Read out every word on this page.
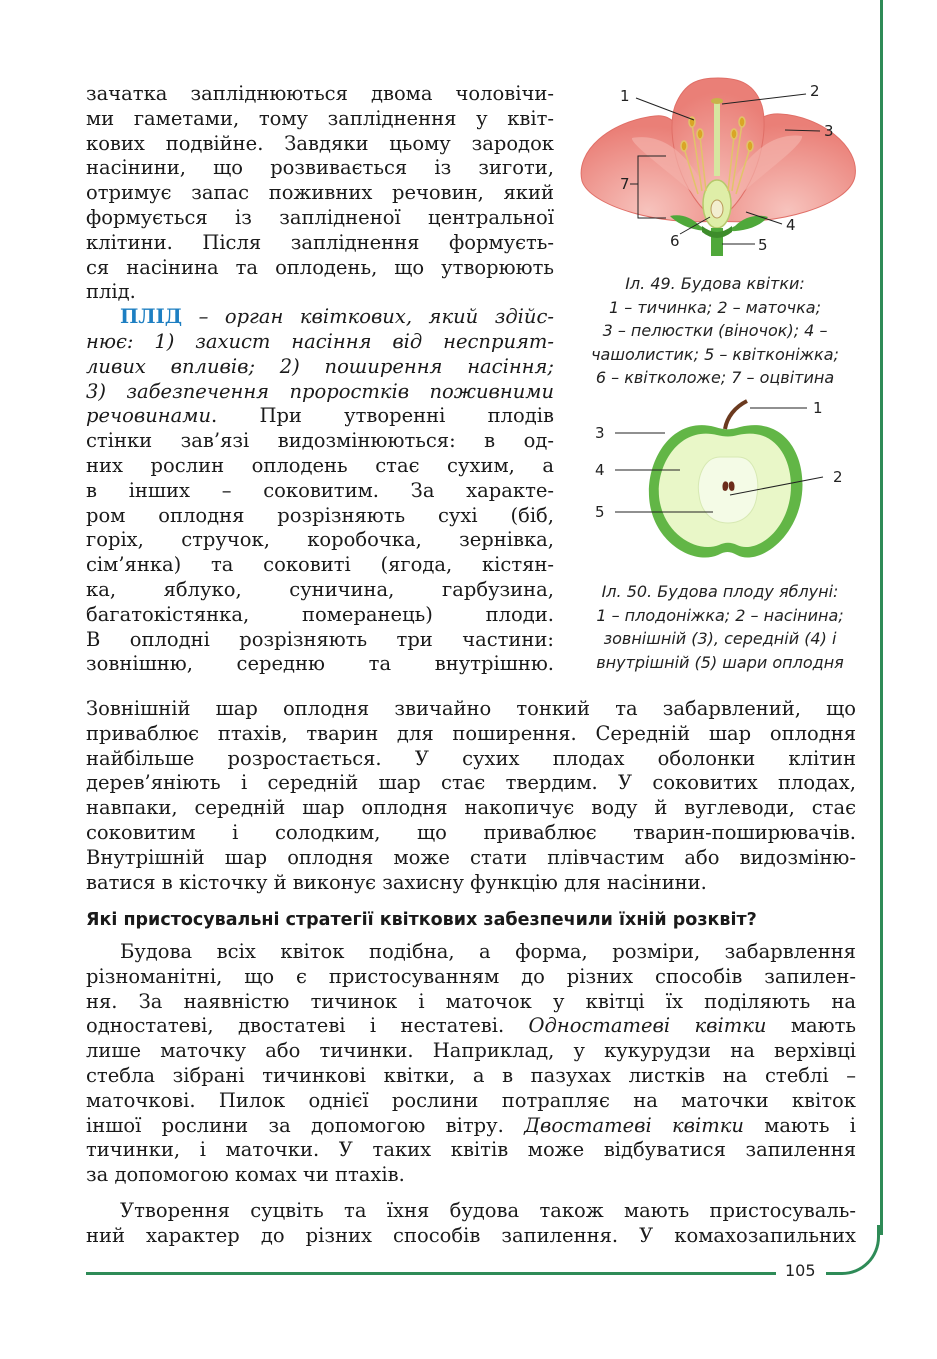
105
зачатка запліднюються двома чоловічи-
ми гаметами, тому запліднення у квіт-
кових подвійне. Завдяки цьому зародок
насінини, що розвивається із зиготи,
отримує запас поживних речовин, який
формується із заплідненої центральної
клітини. Після запліднення формуєть-
ся насінина та оплодень, що утворюють
плід.
ПЛІД – орган квіткових, який здійс-
нює: 1) захист насіння від несприят-
ливих впливів; 2) поширення насіння;
3) забезпечення проростків поживними
речовинами. При утворенні плодів
стінки зав’язі видозмінюються: в од-
них рослин оплодень стає сухим, а
в інших – соковитим. За характе-
ром оплодня розрізняють сухі (біб,
горіх, стручок, коробочка, зернівка,
сім’янка) та соковиті (ягода, кістян-
ка, яблуко, суничина, гарбузина,
багатокістянка, померанець) плоди.
В оплодні розрізняють три частини:
зовнішню, середню та внутрішню.
Зовнішній шар оплодня звичайно тонкий та забарвлений, що
приваблює птахів, тварин для поширення. Середній шар оплодня
найбільше розростається. У сухих плодах оболонки клітин
дерев’яніють і середній шар стає твердим. У соковитих плодах,
навпаки, середній шар оплодня накопичує воду й вуглеводи, стає
соковитим і солодким, що приваблює тварин-поширювачів.
Внутрішній шар оплодня може стати плівчастим або видозміню-
ватися в кісточку й виконує захисну функцію для насінини.
Які пристосувальні стратегії квіткових забезпечили їхній розквіт?
Будова всіх квіток подібна, а форма, розміри, забарвлення
різноманітні, що є пристосуванням до різних способів запилен-
ня. За наявністю тичинок і маточок у квітці їх поділяють на
одностатеві, двостатеві і нестатеві. Одностатеві квітки мають
лише маточку або тичинки. Наприклад, у кукурудзи на верхівці
стебла зібрані тичинкові квітки, а в пазухах листків на стеблі –
маточкові. Пилок однієї рослини потрапляє на маточки квіток
іншої рослини за допомогою вітру. Двостатеві квітки мають і
тичинки, і маточки. У таких квітів може відбуватися запилення
за допомогою комах чи птахів.
Утворення суцвіть та їхня будова також мають пристосуваль-
ний характер до різних способів запилення. У комахозапильних
1	2
3
4
5
6
7
Іл. 49. Будова квітки:
1 – тичинка; 2 – маточка;
3 – пелюстки (віночок); 4 –
чашолистик; 5 – квітконіжка;
6 – квітколоже; 7 – оцвітина
1
2
3
4
5
Іл. 50. Будова плоду яблуні:
1 – плодоніжка; 2 – насінина;
зовнішній (3), середній (4) і
внутрішній (5) шари оплодня
